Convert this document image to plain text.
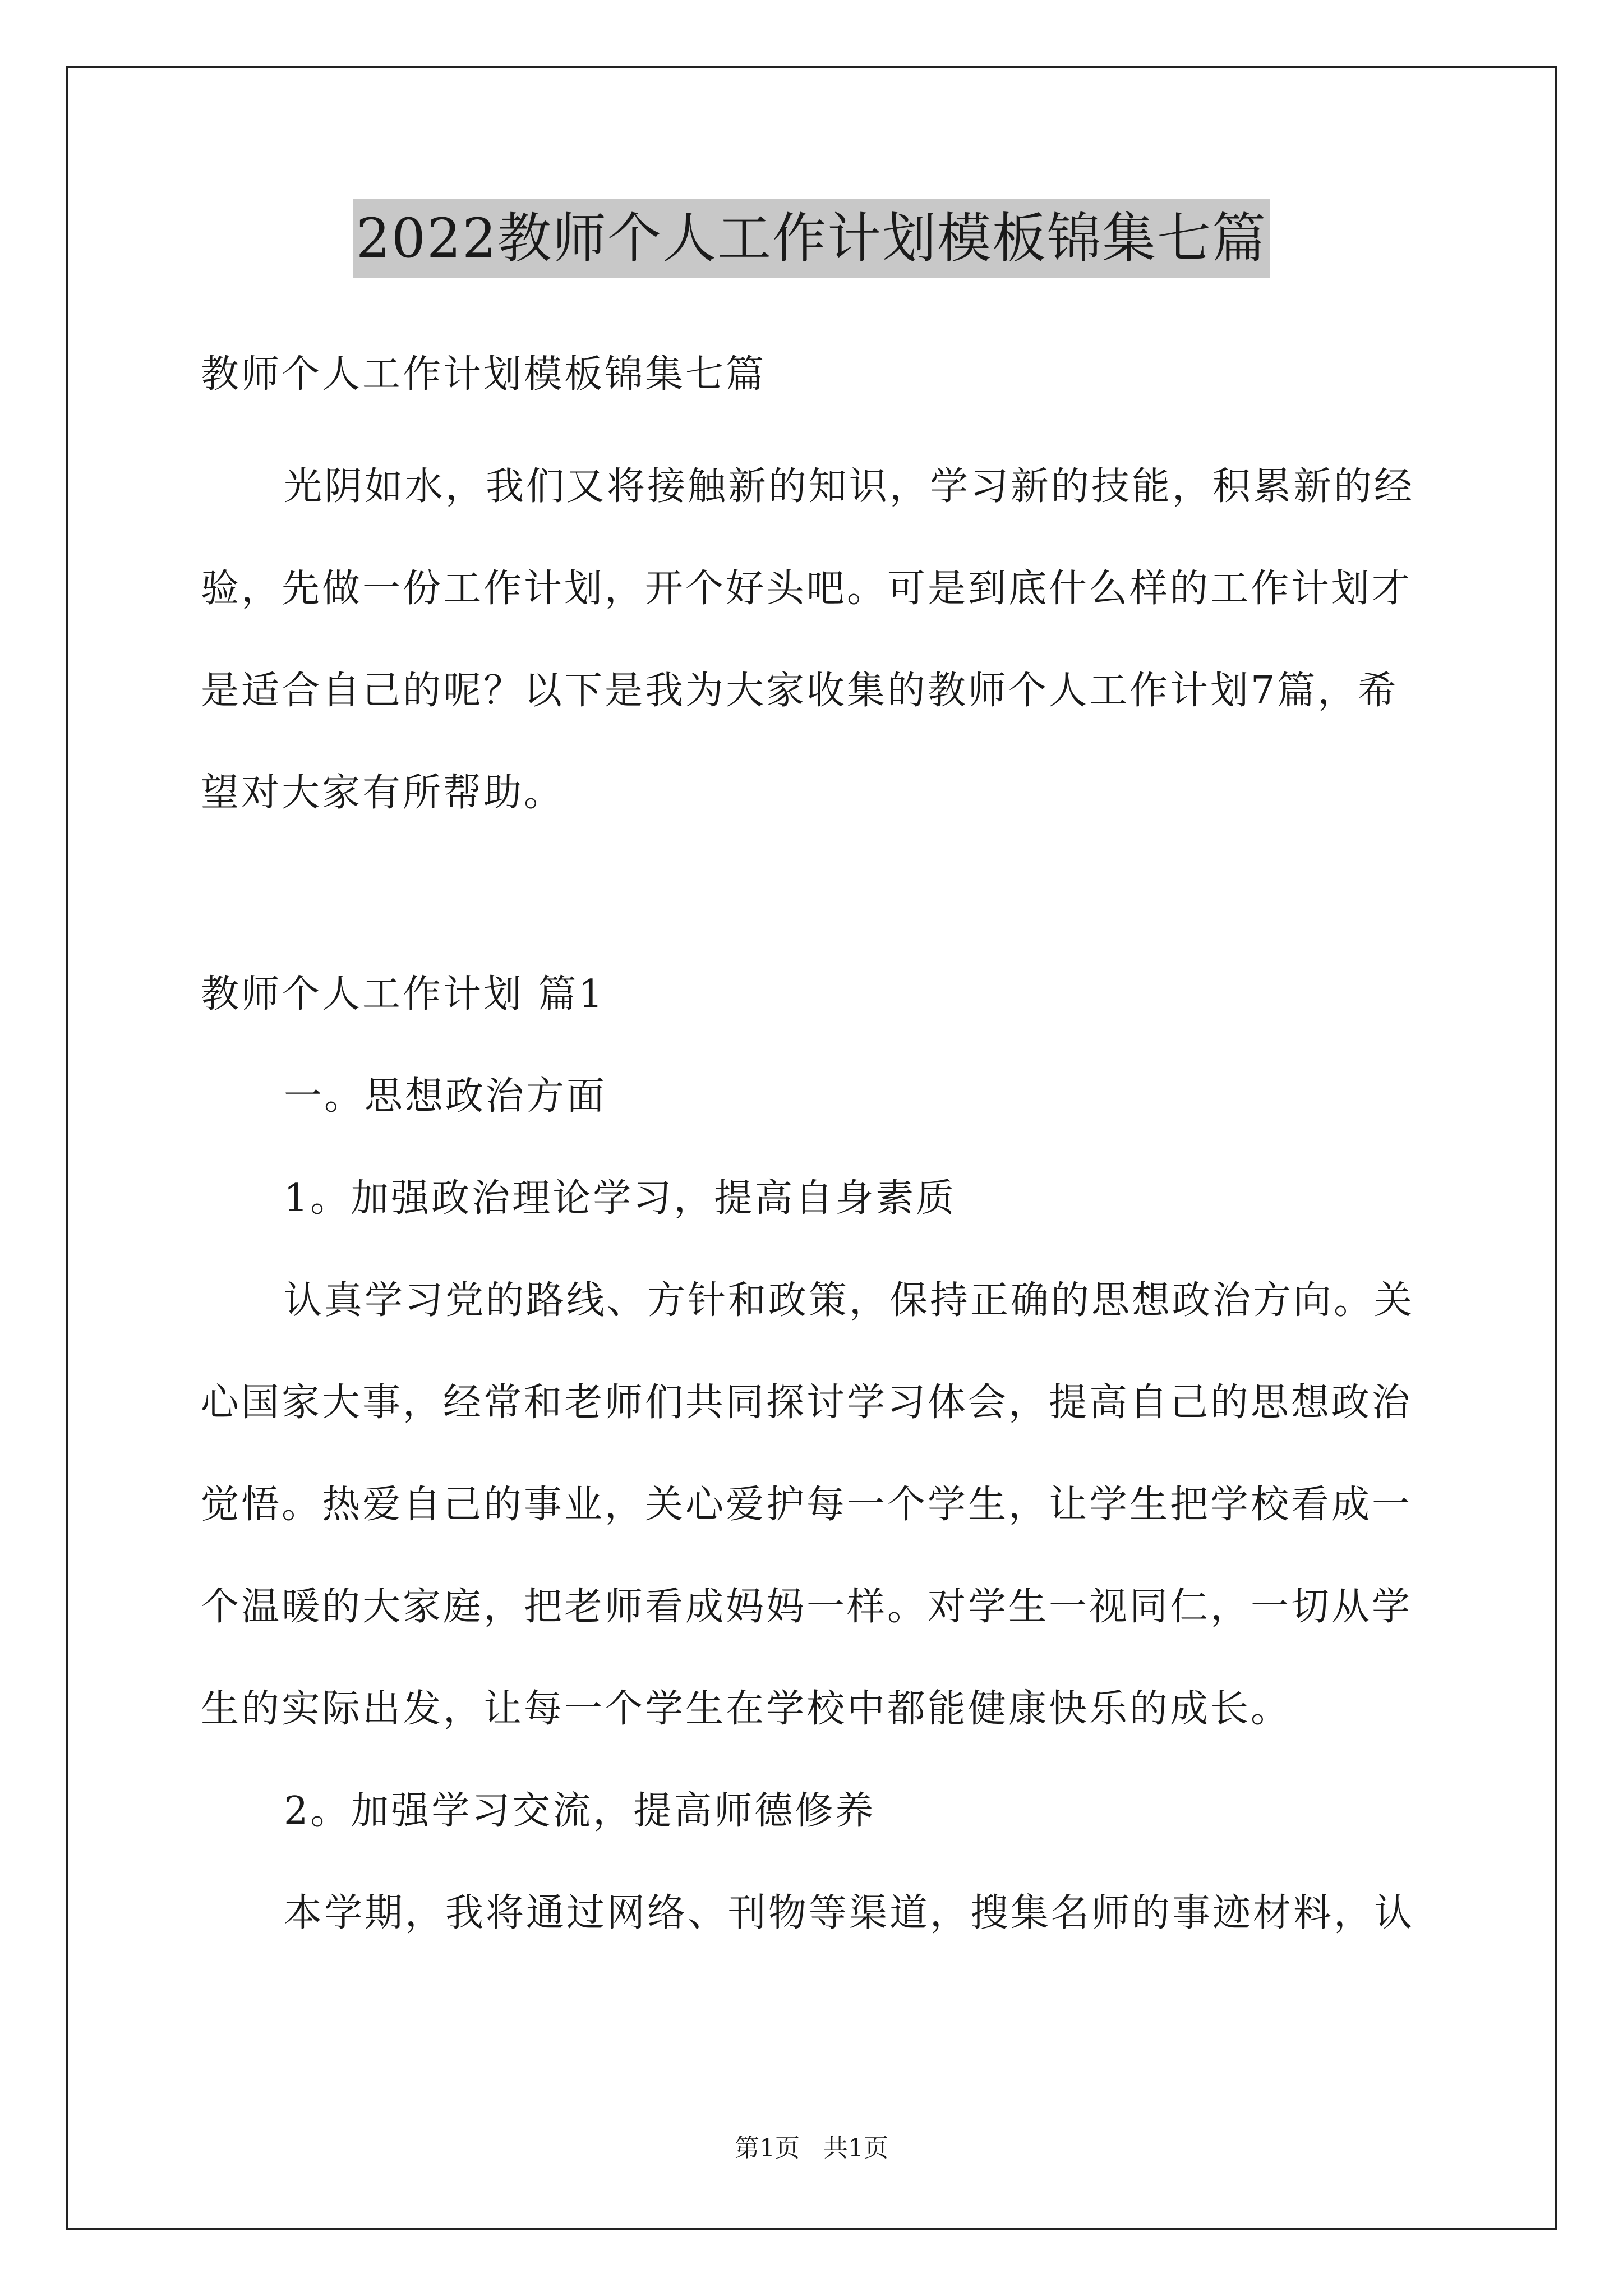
2022教师个人工作计划模板锦集七篇
教师个人工作计划模板锦集七篇
光阴如水，我们又将接触新的知识，学习新的技能，积累新的经
验，先做一份工作计划，开个好头吧。可是到底什么样的工作计划才
是适合自己的呢？以下是我为大家收集的教师个人工作计划7篇，希
望对大家有所帮助。
教师个人工作计划 篇1
一。思想政治方面
1。加强政治理论学习，提高自身素质
认真学习党的路线、方针和政策，保持正确的思想政治方向。关
心国家大事，经常和老师们共同探讨学习体会，提高自己的思想政治
觉悟。热爱自己的事业，关心爱护每一个学生，让学生把学校看成一
个温暖的大家庭，把老师看成妈妈一样。对学生一视同仁，一切从学
生的实际出发，让每一个学生在学校中都能健康快乐的成长。
2。加强学习交流，提高师德修养
本学期，我将通过网络、刊物等渠道，搜集名师的事迹材料，认
第1页 共1页
